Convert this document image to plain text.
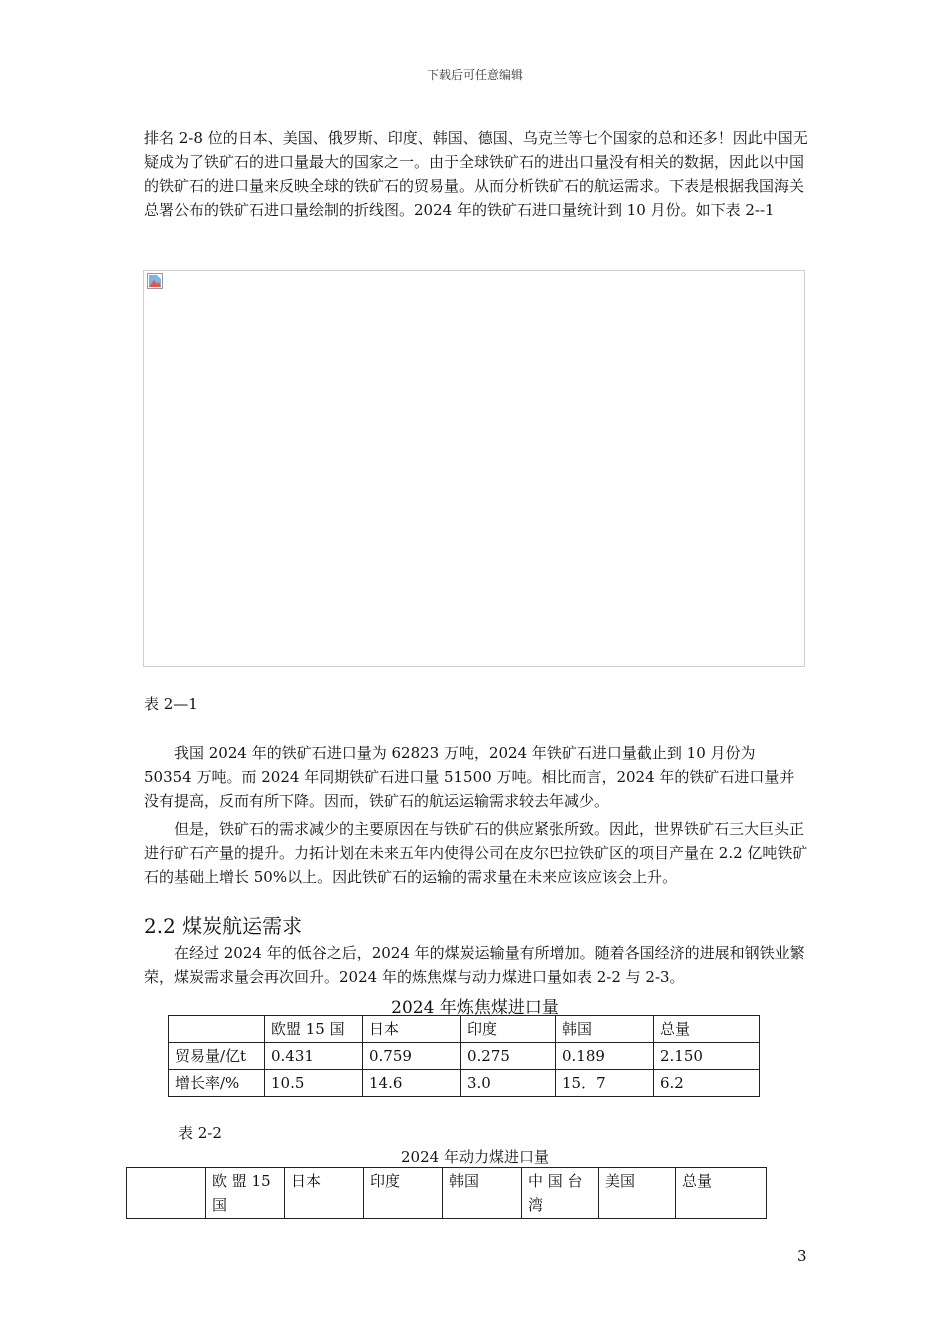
下载后可任意编辑

排名 2-8 位的日本、美国、俄罗斯、印度、韩国、德国、乌克兰等七个国家的总和还多！因此中国无疑成为了铁矿石的进口量最大的国家之一。由于全球铁矿石的进出口量没有相关的数据，因此以中国的铁矿石的进口量来反映全球的铁矿石的贸易量。从而分析铁矿石的航运需求。下表是根据我国海关总署公布的铁矿石进口量绘制的折线图。2024 年的铁矿石进口量统计到 10 月份。如下表 2--1

表 2—1

我国 2024 年的铁矿石进口量为 62823 万吨，2024 年铁矿石进口量截止到 10 月份为 50354 万吨。而 2024 年同期铁矿石进口量 51500 万吨。相比而言，2024 年的铁矿石进口量并没有提高，反而有所下降。因而，铁矿石的航运运输需求较去年减少。

但是，铁矿石的需求减少的主要原因在与铁矿石的供应紧张所致。因此，世界铁矿石三大巨头正进行矿石产量的提升。力拓计划在未来五年内使得公司在皮尔巴拉铁矿区的项目产量在 2.2 亿吨铁矿石的基础上增长 50%以上。因此铁矿石的运输的需求量在未来应该应该会上升。

2.2 煤炭航运需求

在经过 2024 年的低谷之后，2024 年的煤炭运输量有所增加。随着各国经济的进展和钢铁业繁荣，煤炭需求量会再次回升。2024 年的炼焦煤与动力煤进口量如表 2-2 与 2-3。

2024 年炼焦煤进口量
	欧盟 15 国	日本	印度	韩国	总量
贸易量/亿t	0.431	0.759	0.275	0.189	2.150
增长率/%	10.5	14.6	3.0	15．7	6.2
表 2-2
2024 年动力煤进口量
	欧 盟 15 国	日本	印度	韩国	中 国 台 湾	美国	总量
3
